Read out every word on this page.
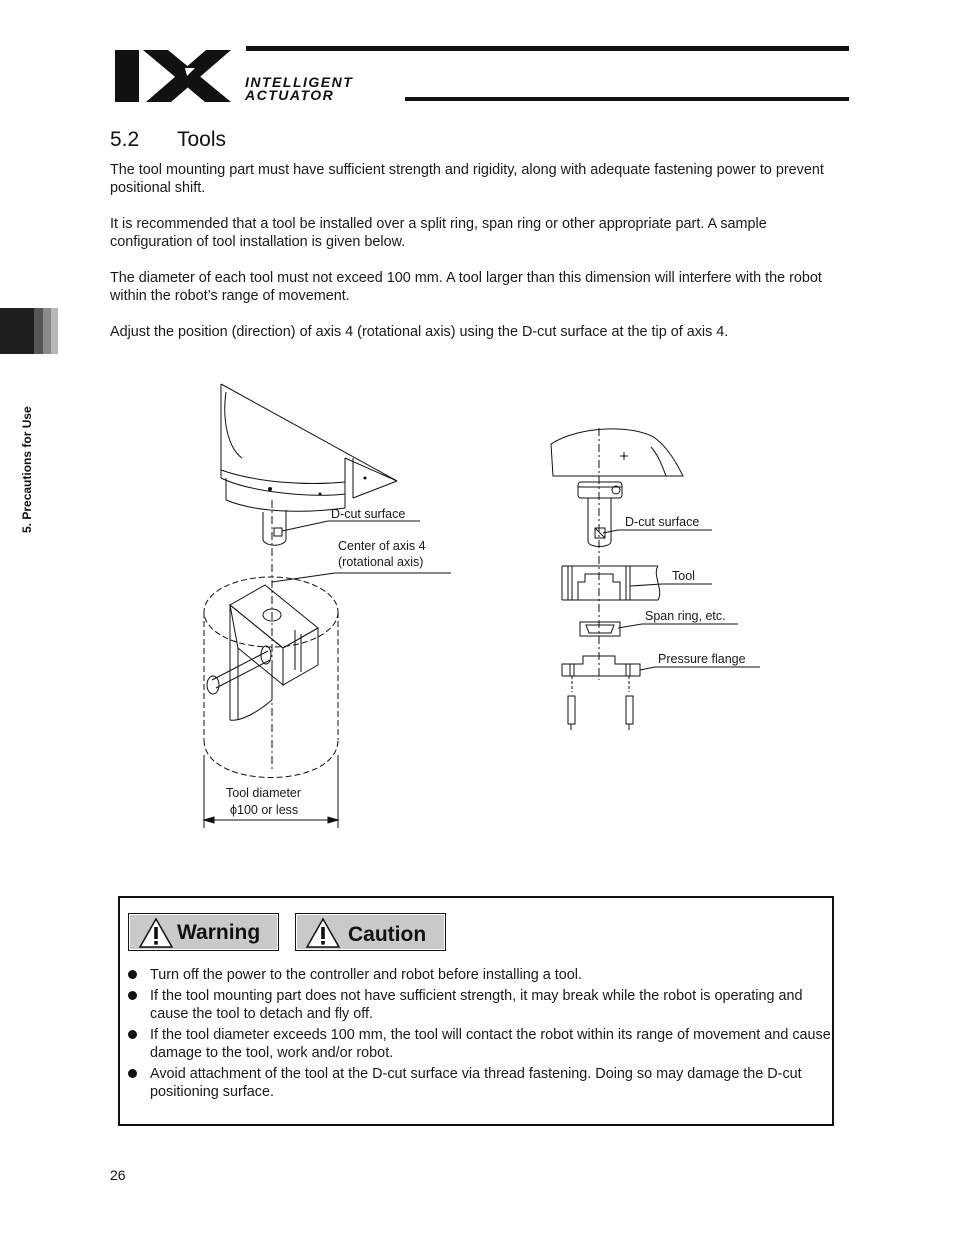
INTELLIGENT
ACTUATOR
5.2 Tools

The tool mounting part must have sufficient strength and rigidity, along with adequate fastening power to prevent positional shift.

It is recommended that a tool be installed over a split ring, span ring or other appropriate part. A sample configuration of tool installation is given below.

The diameter of each tool must not exceed 100 mm. A tool larger than this dimension will interfere with the robot within the robot’s range of movement.

Adjust the position (direction) of axis 4 (rotational axis) using the D-cut surface at the tip of axis 4.

5. Precautions for Use	D-cut surface
Center of axis 4
(rotational axis)
Tool diameter
ϕ100 or less
D-cut surface
Tool
Span ring, etc.
Pressure flange
Warning	Caution
Turn off the power to the controller and robot before installing a tool.
If the tool mounting part does not have sufficient strength, it may break while the robot is operating and cause the tool to detach and fly off.
If the tool diameter exceeds 100 mm, the tool will contact the robot within its range of movement and cause damage to the tool, work and/or robot.
Avoid attachment of the tool at the D-cut surface via thread fastening. Doing so may damage the D-cut positioning surface.
26
